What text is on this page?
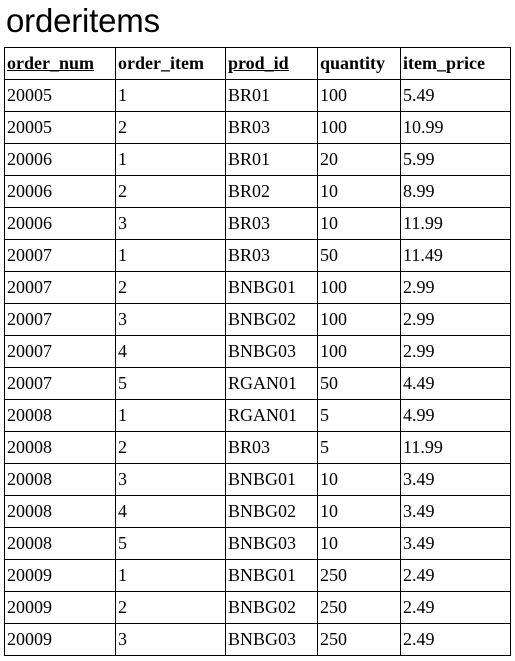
orderitems
order_num	order_item	prod_id	quantity	item_price
20005	1	BR01	100	5.49
20005	2	BR03	100	10.99
20006	1	BR01	20	5.99
20006	2	BR02	10	8.99
20006	3	BR03	10	11.99
20007	1	BR03	50	11.49
20007	2	BNBG01	100	2.99
20007	3	BNBG02	100	2.99
20007	4	BNBG03	100	2.99
20007	5	RGAN01	50	4.49
20008	1	RGAN01	5	4.99
20008	2	BR03	5	11.99
20008	3	BNBG01	10	3.49
20008	4	BNBG02	10	3.49
20008	5	BNBG03	10	3.49
20009	1	BNBG01	250	2.49
20009	2	BNBG02	250	2.49
20009	3	BNBG03	250	2.49
